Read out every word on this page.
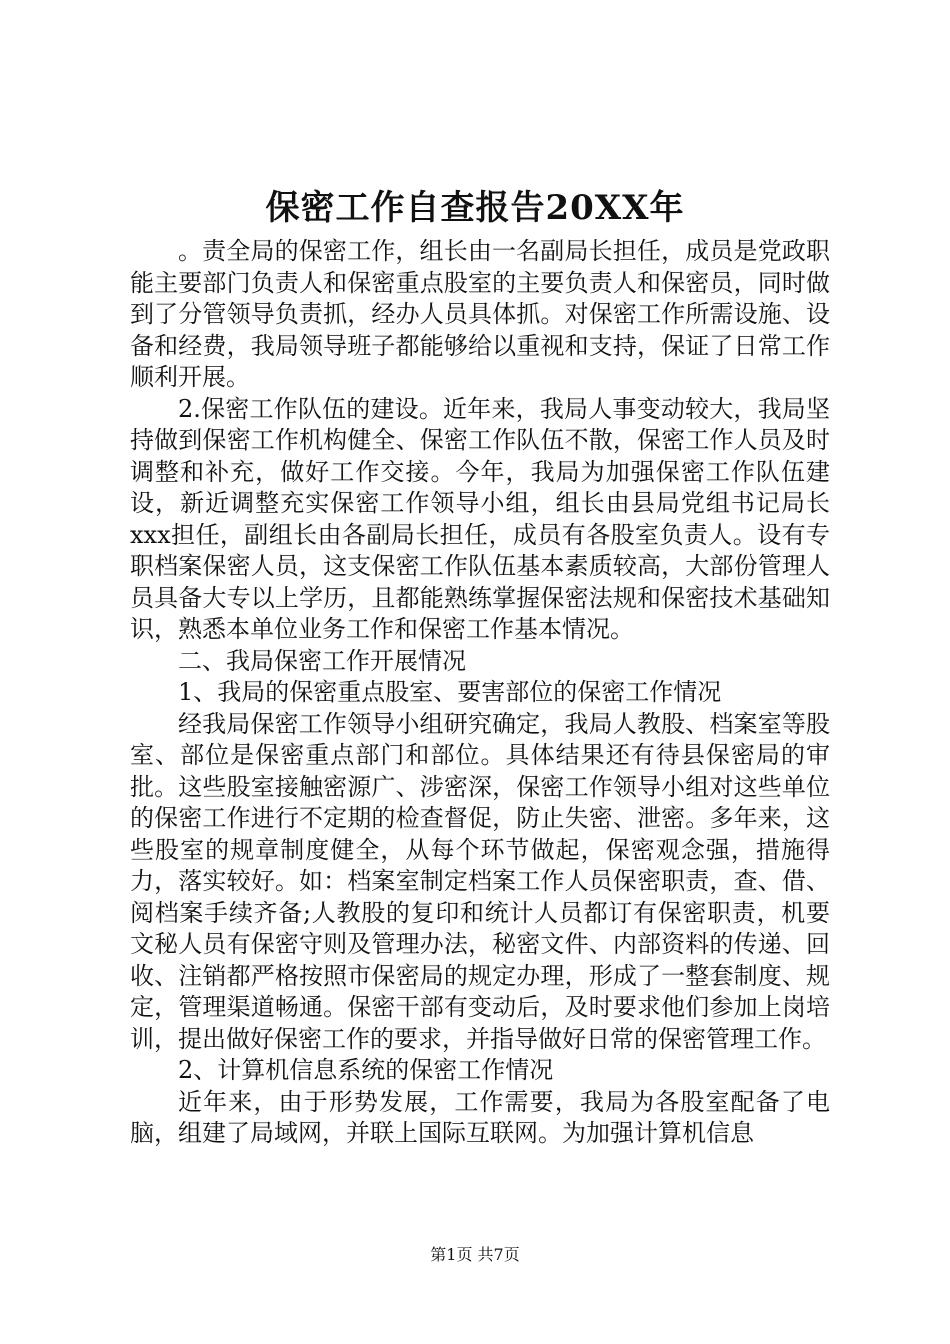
保密工作自查报告20XX年

。责全局的保密工作，组长由一名副局长担任，成员是党政职能主要部门负责人和保密重点股室的主要负责人和保密员，同时做到了分管领导负责抓，经办人员具体抓。对保密工作所需设施、设备和经费，我局领导班子都能够给以重视和支持，保证了日常工作顺利开展。

2.保密工作队伍的建设。近年来，我局人事变动较大，我局坚持做到保密工作机构健全、保密工作队伍不散，保密工作人员及时调整和补充，做好工作交接。今年，我局为加强保密工作队伍建设，新近调整充实保密工作领导小组，组长由县局党组书记局长xxx担任，副组长由各副局长担任，成员有各股室负责人。设有专职档案保密人员，这支保密工作队伍基本素质较高，大部份管理人员具备大专以上学历，且都能熟练掌握保密法规和保密技术基础知识，熟悉本单位业务工作和保密工作基本情况。

二、我局保密工作开展情况

1、我局的保密重点股室、要害部位的保密工作情况

经我局保密工作领导小组研究确定，我局人教股、档案室等股室、部位是保密重点部门和部位。具体结果还有待县保密局的审批。这些股室接触密源广、涉密深，保密工作领导小组对这些单位的保密工作进行不定期的检查督促，防止失密、泄密。多年来，这些股室的规章制度健全，从每个环节做起，保密观念强，措施得力，落实较好。如：档案室制定档案工作人员保密职责，查、借、阅档案手续齐备;人教股的复印和统计人员都订有保密职责，机要文秘人员有保密守则及管理办法，秘密文件、内部资料的传递、回收、注销都严格按照市保密局的规定办理，形成了一整套制度、规定，管理渠道畅通。保密干部有变动后，及时要求他们参加上岗培训，提出做好保密工作的要求，并指导做好日常的保密管理工作。

2、计算机信息系统的保密工作情况

近年来，由于形势发展，工作需要，我局为各股室配备了电脑，组建了局域网，并联上国际互联网。为加强计算机信息

第1页 共7页
